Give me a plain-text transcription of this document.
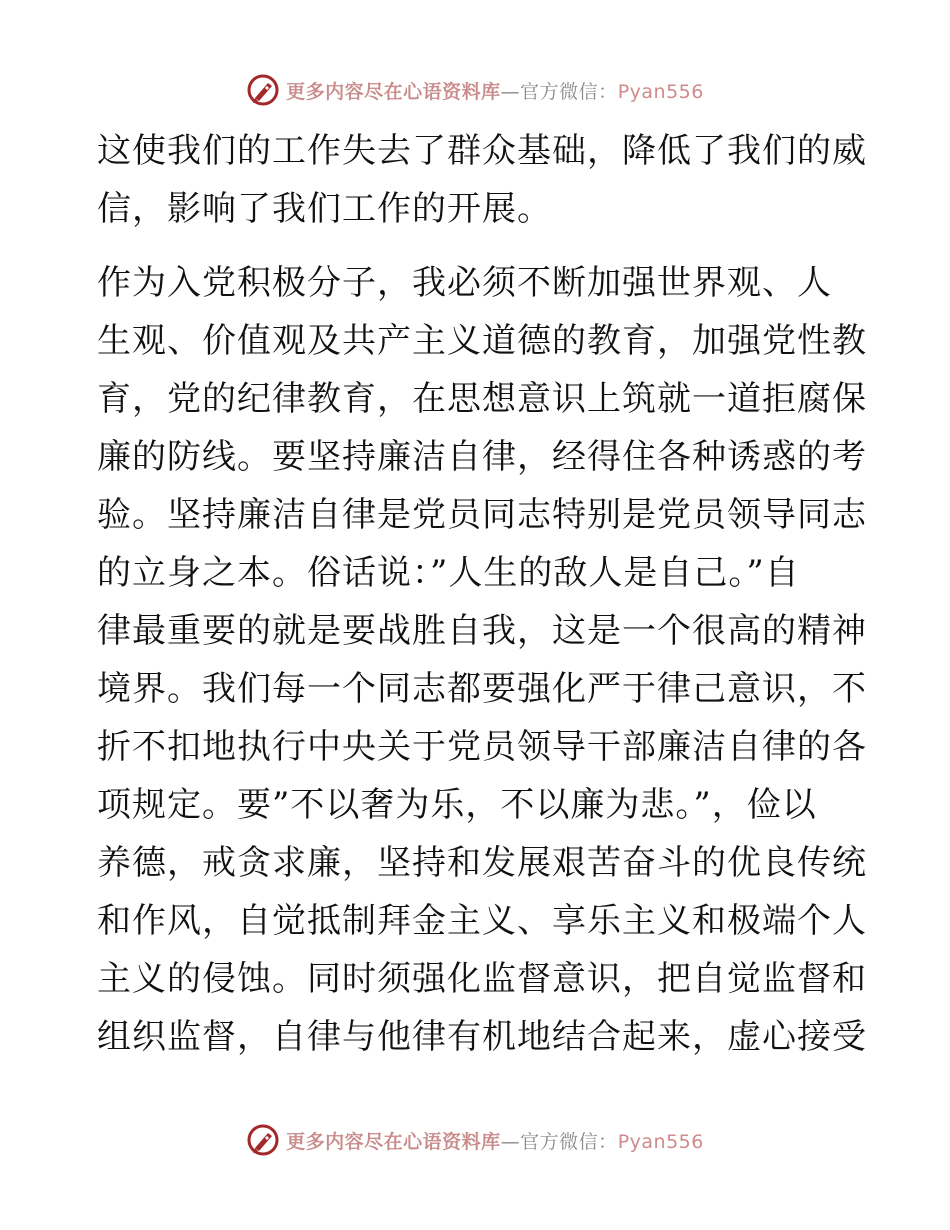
更多内容尽在心语资料库—官方微信：Pyan556
这使我们的工作失去了群众基础，降低了我们的威
信，影响了我们工作的开展。
作为入党积极分子，我必须不断加强世界观、人
生观、价值观及共产主义道德的教育，加强党性教
育，党的纪律教育，在思想意识上筑就一道拒腐保
廉的防线。要坚持廉洁自律，经得住各种诱惑的考
验。坚持廉洁自律是党员同志特别是党员领导同志
的立身之本。俗话说：”人生的敌人是自己。”自
律最重要的就是要战胜自我，这是一个很高的精神
境界。我们每一个同志都要强化严于律己意识，不
折不扣地执行中央关于党员领导干部廉洁自律的各
项规定。要”不以奢为乐，不以廉为悲。”，俭以
养德，戒贪求廉，坚持和发展艰苦奋斗的优良传统
和作风，自觉抵制拜金主义、享乐主义和极端个人
主义的侵蚀。同时须强化监督意识，把自觉监督和
组织监督，自律与他律有机地结合起来，虚心接受
更多内容尽在心语资料库—官方微信：Pyan556
